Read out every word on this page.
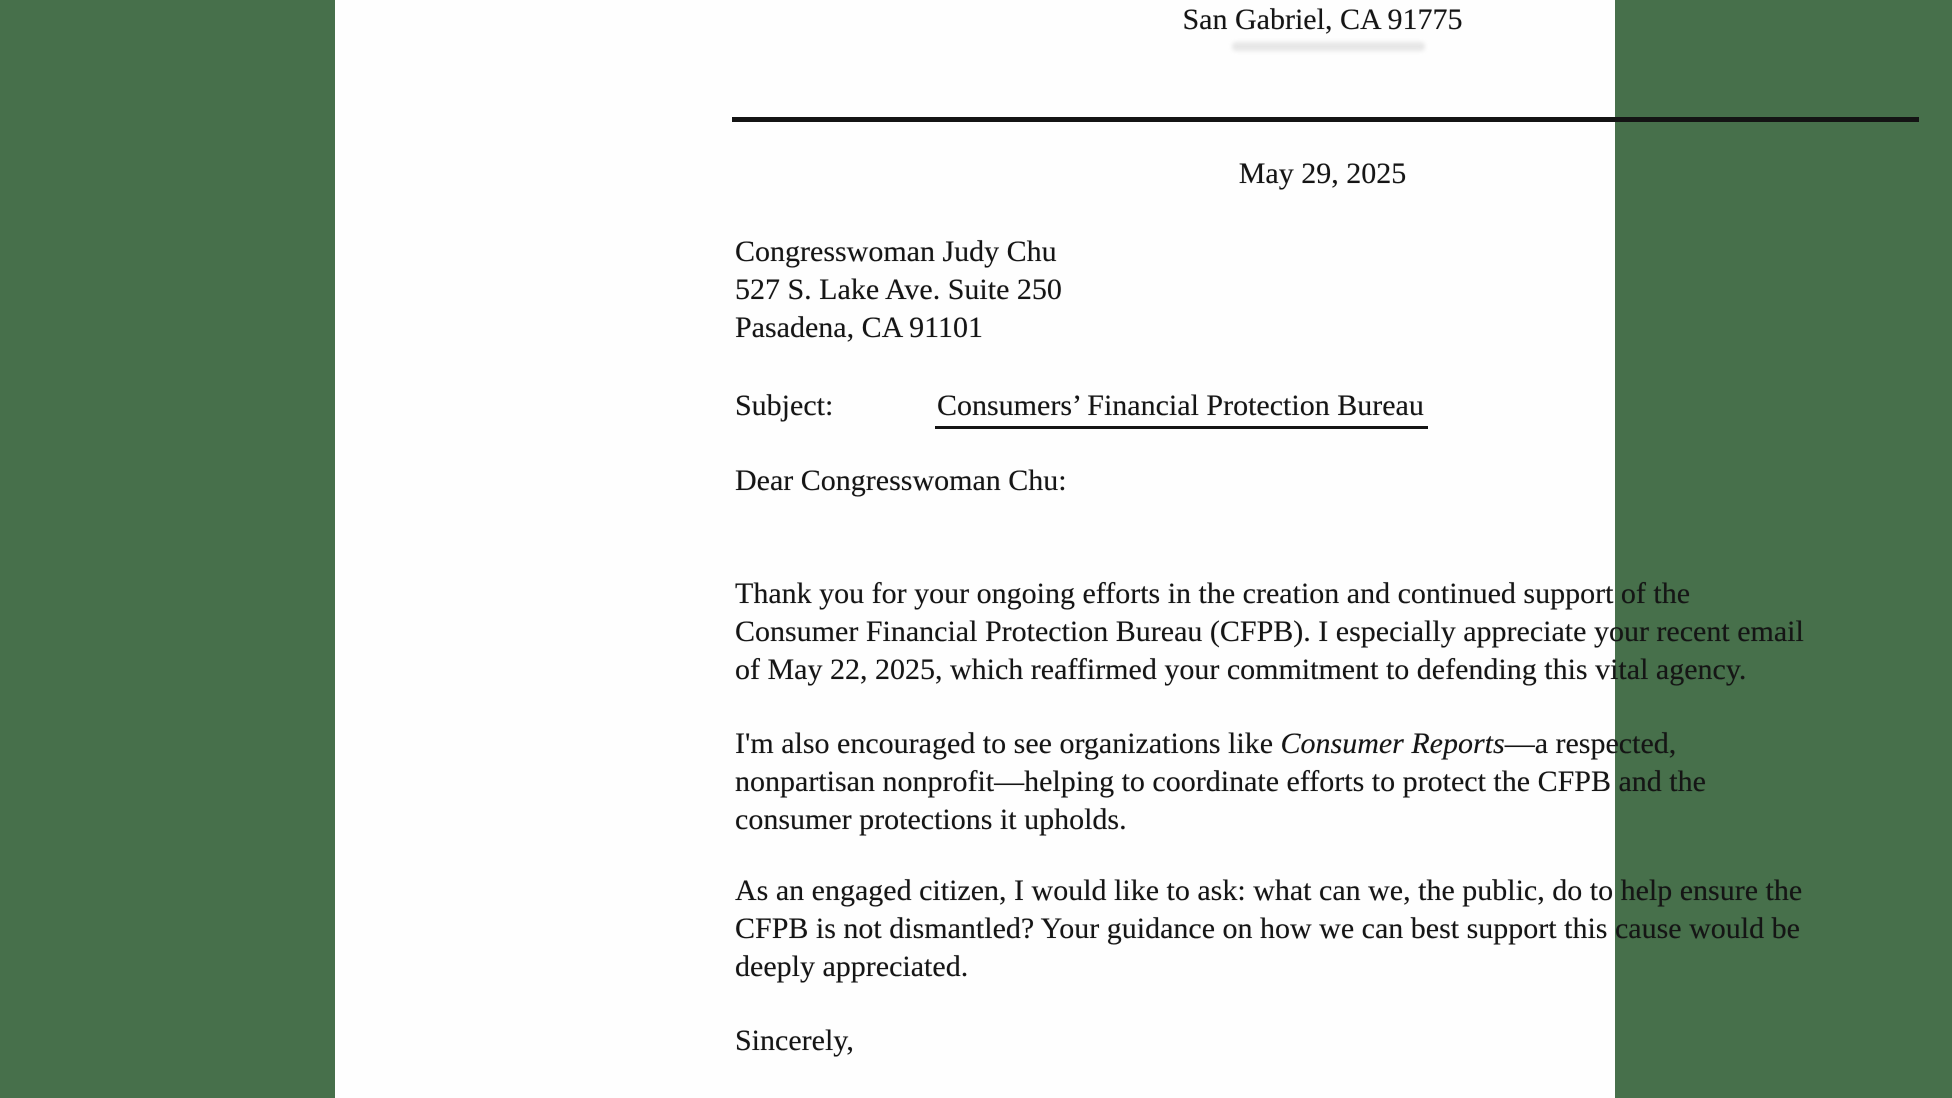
San Gabriel, CA 91775
May 29, 2025
Congresswoman Judy Chu
527 S. Lake Ave. Suite 250
Pasadena, CA 91101
Subject:	Consumers’ Financial Protection Bureau
Dear Congresswoman Chu:
Thank you for your ongoing efforts in the creation and continued support of the
Consumer Financial Protection Bureau (CFPB). I especially appreciate your recent email
of May 22, 2025, which reaffirmed your commitment to defending this vital agency.
I'm also encouraged to see organizations like Consumer Reports—a respected,
nonpartisan nonprofit—helping to coordinate efforts to protect the CFPB and the
consumer protections it upholds.
As an engaged citizen, I would like to ask: what can we, the public, do to help ensure the
CFPB is not dismantled? Your guidance on how we can best support this cause would be
deeply appreciated.
Sincerely,
